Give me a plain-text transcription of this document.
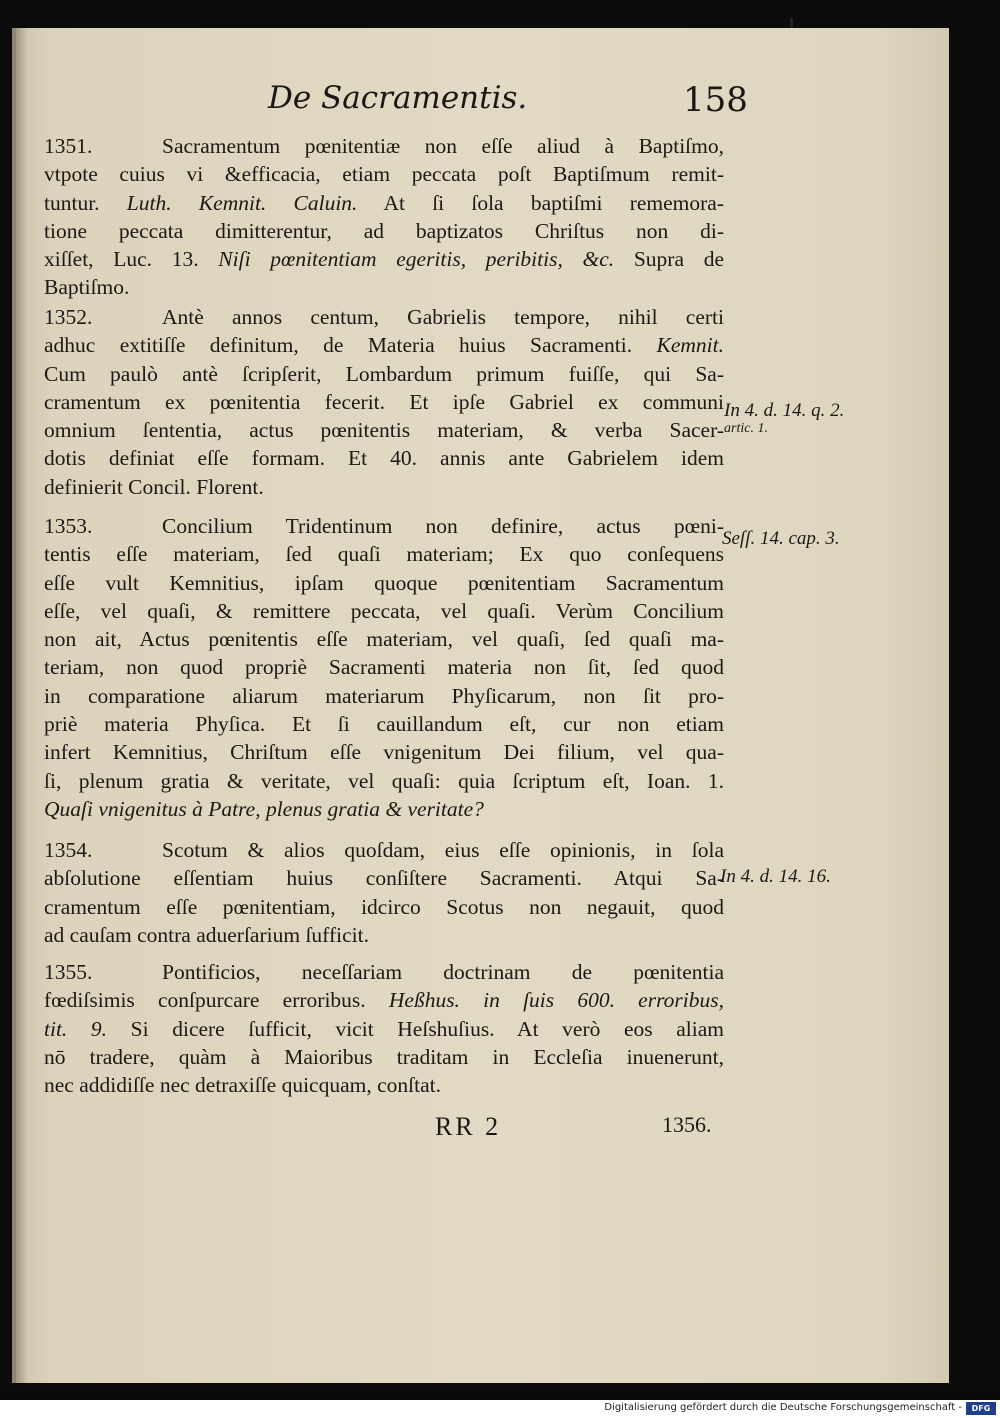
De Sacramentis.	158
1351.	Sacramentum pœnitentiæ non eſſe aliud à Baptiſmo,
vtpote cuius vi &efficacia, etiam peccata poſt Baptiſmum remit-
tuntur. Luth. Kemnit. Caluin. At ſi ſola baptiſmi rememora-
tione peccata dimitterentur, ad baptizatos Chriſtus non di-
xiſſet, Luc. 13. Niſi pœnitentiam egeritis, peribitis, &c. Supra de
Baptiſmo.
1352.	Antè annos centum, Gabrielis tempore, nihil certi
adhuc extitiſſe definitum, de Materia huius Sacramenti. Kemnit.
Cum paulò antè ſcripſerit, Lombardum primum fuiſſe, qui Sa-
cramentum ex pœnitentia fecerit. Et ipſe Gabriel ex communi
omnium ſententia, actus pœnitentis materiam, & verba Sacer-
dotis definiat eſſe formam. Et 40. annis ante Gabrielem idem
definierit Concil. Florent.
1353.	Concilium Tridentinum non definire, actus pœni-
tentis eſſe materiam, ſed quaſi materiam; Ex quo conſequens
eſſe vult Kemnitius, ipſam quoque pœnitentiam Sacramentum
eſſe, vel quaſi, & remittere peccata, vel quaſi. Verùm Concilium
non ait, Actus pœnitentis eſſe materiam, vel quaſi, ſed quaſi ma-
teriam, non quod propriè Sacramenti materia non ſit, ſed quod
in comparatione aliarum materiarum Phyſicarum, non ſit pro-
priè materia Phyſica. Et ſi cauillandum eſt, cur non etiam
infert Kemnitius, Chriſtum eſſe vnigenitum Dei filium, vel qua-
ſi, plenum gratia & veritate, vel quaſi: quia ſcriptum eſt, Ioan. 1.
Quaſi vnigenitus à Patre, plenus gratia & veritate?
1354.	Scotum & alios quoſdam, eius eſſe opinionis, in ſola
abſolutione eſſentiam huius conſiſtere Sacramenti. Atqui Sa-
cramentum eſſe pœnitentiam, idcirco Scotus non negauit, quod
ad cauſam contra aduerſarium ſufficit.
1355.	Pontificios, neceſſariam doctrinam de pœnitentia
fœdiſsimis conſpurcare erroribus. Heßhus. in ſuis 600. erroribus,
tit. 9. Si dicere ſufficit, vicit Heſshuſius. At verò eos aliam
nō tradere, quàm à Maioribus traditam in Eccleſia inuenerunt,
nec addidiſſe nec detraxiſſe quicquam, conſtat.
In 4. d. 14. q. 2.
artic. 1.
Seſſ. 14. cap. 3.
In 4. d. 14. 16.
RR 2	1356.
Digitalisierung gefördert durch die Deutsche Forschungsgemeinschaft -	DFG
